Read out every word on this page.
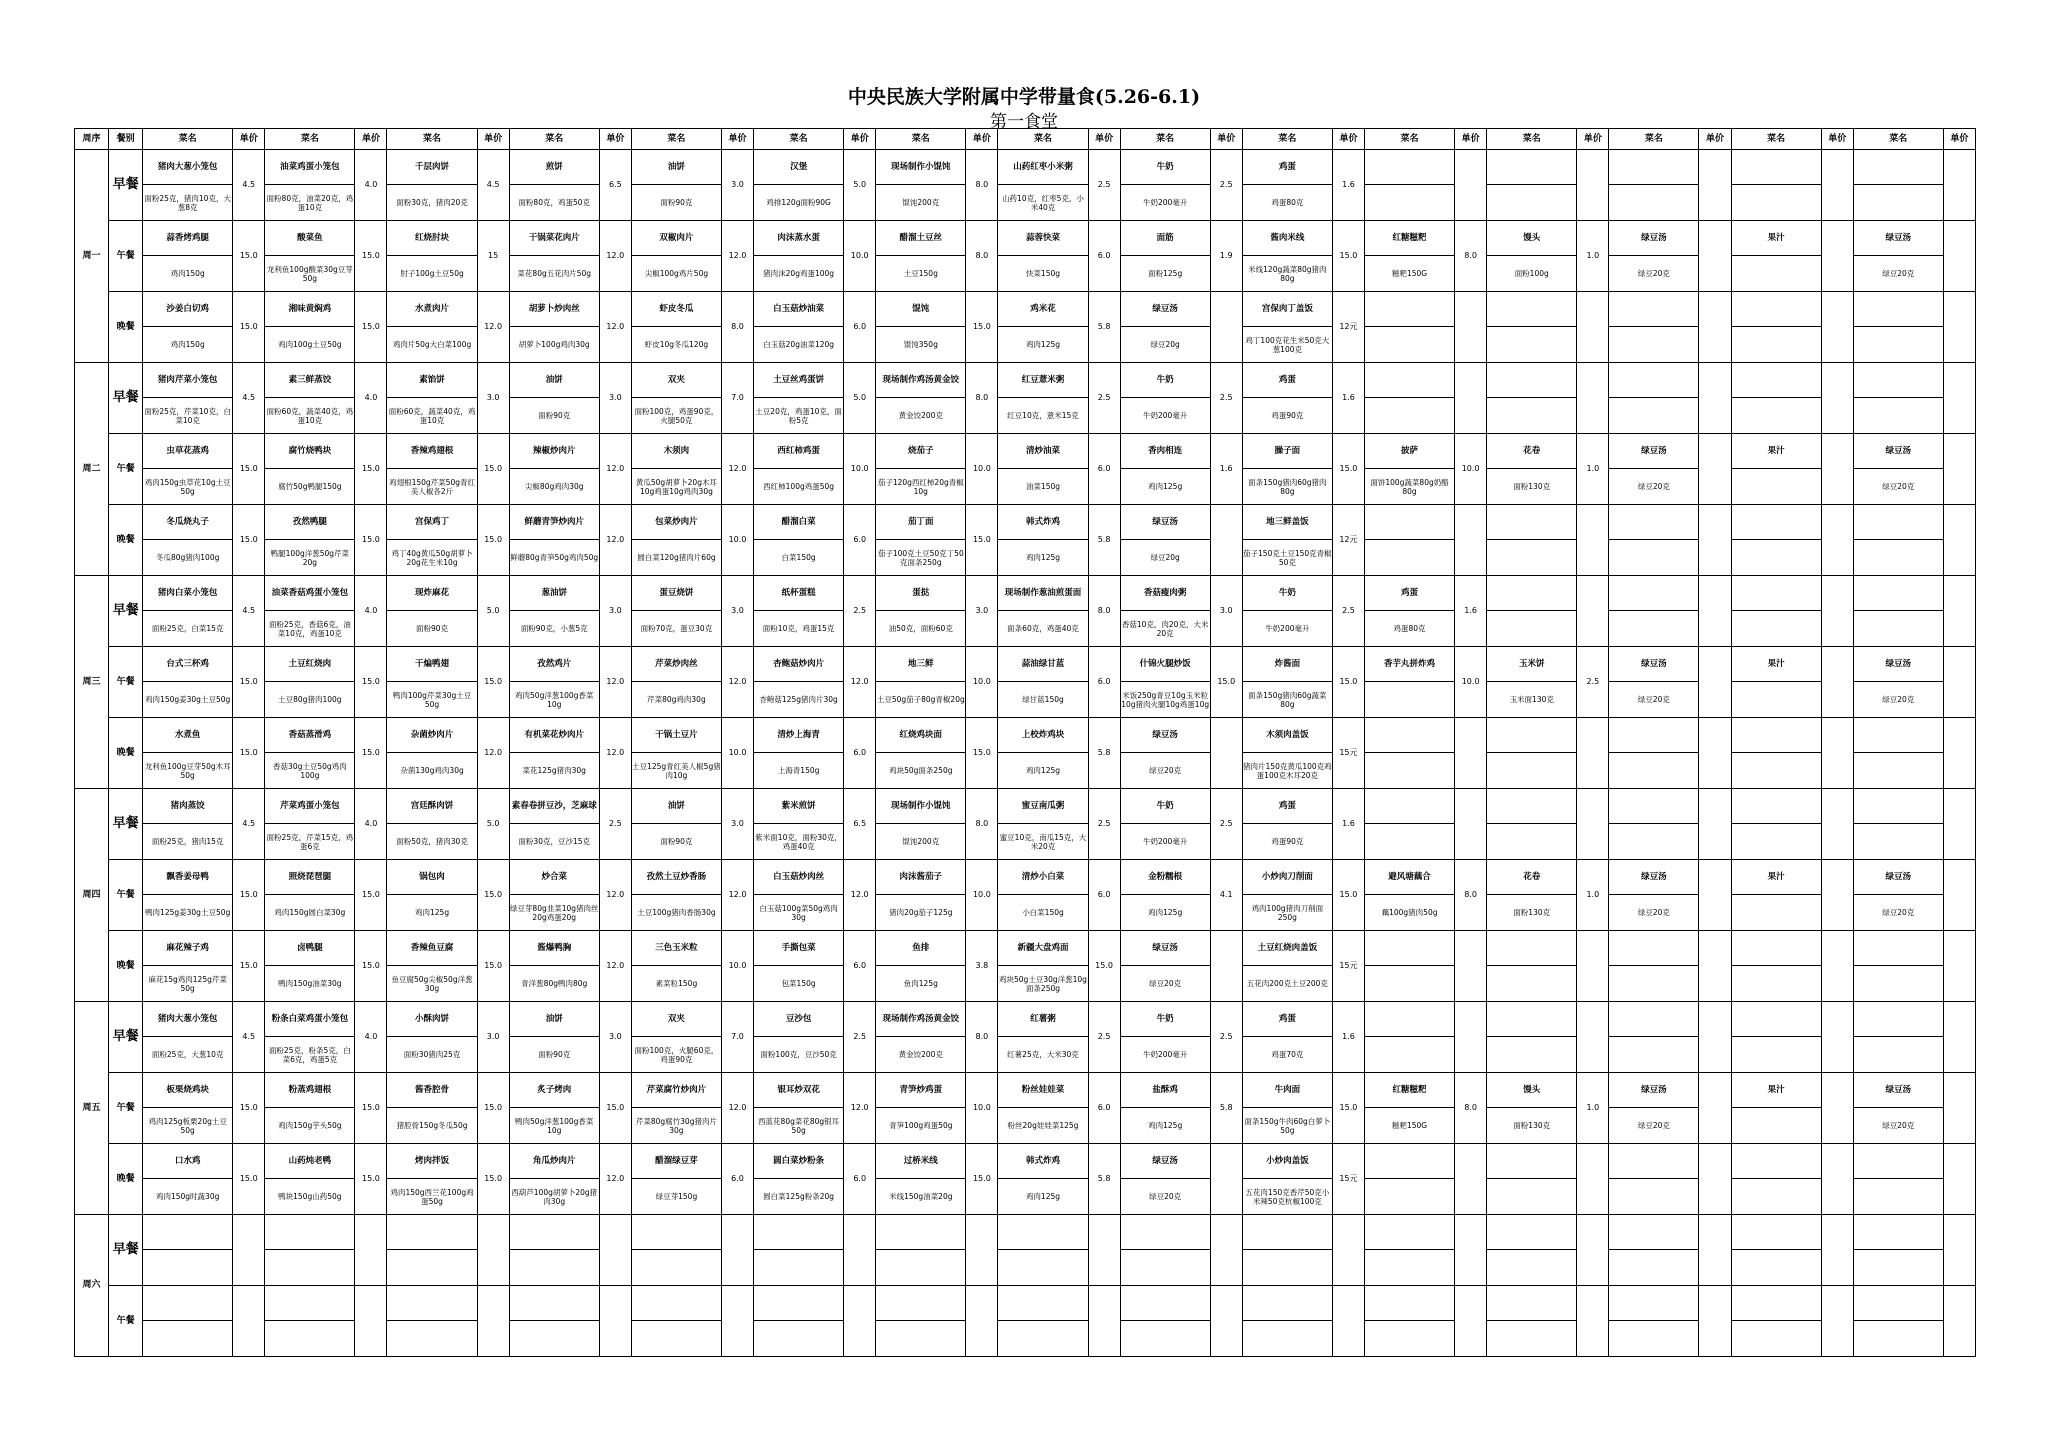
中央民族大学附属中学带量食(5.26-6.1)
第一食堂
周序	餐别	菜名	单价	菜名	单价	菜名	单价	菜名	单价	菜名	单价	菜名	单价	菜名	单价	菜名	单价	菜名	单价	菜名	单价	菜名	单价	菜名	单价	菜名	单价	菜名	单价	菜名	单价
周一	早餐	猪肉大葱小笼包	4.5	油菜鸡蛋小笼包	4.0	千层肉饼	4.5	煎饼	6.5	油饼	3.0	汉堡	5.0	现场制作小馄饨	8.0	山药红枣小米粥	2.5	牛奶	2.5	鸡蛋	1.6										
		面粉25克，猪肉10克，大葱8克		面粉80克，油菜20克，鸡蛋10克		面粉30克，猪肉20克		面粉80克，鸡蛋50克		面粉90克		鸡排120g面粉90G		馄饨200克		山药10克，红枣5克，小米40克		牛奶200毫升		鸡蛋80克											
	午餐	蒜香烤鸡腿	15.0	酸菜鱼	15.0	红烧肘块	15	干锅菜花肉片	12.0	双椒肉片	12.0	肉沫蒸水蛋	10.0	醋溜土豆丝	8.0	蒜蓉快菜	6.0	面筋	1.9	酱肉米线	15.0	红糖糍粑	8.0	馒头	1.0	绿豆汤		果汁		绿豆汤	
		鸡肉150g		龙利鱼100g酸菜30g豆芽50g		肘子100g土豆50g		菜花80g五花肉片50g		尖椒100g鸡片50g		猪肉沫20g鸡蛋100g		土豆150g		快菜150g		面粉125g		米线120g蔬菜80g猪肉80g		糍粑150G		面粉100g		绿豆20克				绿豆20克	
	晚餐	沙姜白切鸡	15.0	湘味黄焖鸡	15.0	水煮肉片	12.0	胡萝卜炒肉丝	12.0	虾皮冬瓜	8.0	白玉菇炒油菜	6.0	馄饨	15.0	鸡米花	5.8	绿豆汤		宫保肉丁盖饭	12元										
		鸡肉150g		鸡肉100g土豆50g		鸡肉片50g大白菜100g		胡萝卜100g鸡肉30g		虾皮10g冬瓜120g		白玉菇20g油菜120g		馄饨350g		鸡肉125g		绿豆20g		鸡丁100克花生米50克大葱100克											
周二	早餐	猪肉芹菜小笼包	4.5	素三鲜蒸饺	4.0	素馅饼	3.0	油饼	3.0	双夹	7.0	土豆丝鸡蛋饼	5.0	现场制作鸡汤黄金饺	8.0	红豆薏米粥	2.5	牛奶	2.5	鸡蛋	1.6										
		面粉25克，芹菜10克，白菜10克		面粉60克，蔬菜40克，鸡蛋10克		面粉60克，蔬菜40克，鸡蛋10克		面粉90克		面粉100克，鸡蛋90克，火腿50克		土豆20克，鸡蛋10克，面粉5克		黄金饺200克		红豆10克，薏米15克		牛奶200毫升		鸡蛋90克											
	午餐	虫草花蒸鸡	15.0	腐竹烧鸭块	15.0	香辣鸡翅根	15.0	辣椒炒肉片	12.0	木须肉	12.0	西红柿鸡蛋	10.0	烧茄子	10.0	清炒油菜	6.0	香肉相连	1.6	臊子面	15.0	披萨	10.0	花卷	1.0	绿豆汤		果汁		绿豆汤	
		鸡肉150g虫草花10g土豆50g		腐竹50g鸭腿150g		鸡翅根150g芹菜50g青红美人椒各2斤		尖椒80g鸡肉30g		黄瓜50g胡萝卜20g木耳10g鸡蛋10g鸡肉30g		西红柿100g鸡蛋50g		茄子120g西红柿20g青椒10g		油菜150g		鸡肉125g		面条150g猪肉60g猪肉80g		面饼100g蔬菜80g奶酪80g		面粉130克		绿豆20克				绿豆20克	
	晚餐	冬瓜烧丸子	15.0	孜然鸭腿	15.0	宫保鸡丁	15.0	鲜蘑青笋炒肉片	12.0	包菜炒肉片	10.0	醋溜白菜	6.0	茄丁面	15.0	韩式炸鸡	5.8	绿豆汤		地三鲜盖饭	12元										
		冬瓜80g猪肉100g		鸭腿100g洋葱50g芹菜20g		鸡丁40g黄瓜50g胡萝卜20g花生米10g		鲜蘑80g青笋50g鸡肉50g		圆白菜120g猪肉片60g		白菜150g		茄子100克土豆50克丁50克面条250g		鸡肉125g		绿豆20g		茄子150克土豆150克青椒50克											
周三	早餐	猪肉白菜小笼包	4.5	油菜香菇鸡蛋小笼包	4.0	现炸麻花	5.0	葱油饼	3.0	蛋豆烧饼	3.0	纸杯蛋糕	2.5	蛋挞	3.0	现场制作葱油煎蛋面	8.0	香菇瘦肉粥	3.0	牛奶	2.5	鸡蛋	1.6								
		面粉25克，白菜15克		面粉25克，香菇6克，油菜10克，鸡蛋10克		面粉90克		面粉90克，小葱5克		面粉70克，蛋豆30克		面粉10克，鸡蛋15克		油50克，面粉60克		面条60克，鸡蛋40克		香菇10克，肉20克，大米20克		牛奶200毫升		鸡蛋80克									
	午餐	台式三杯鸡	15.0	土豆红烧肉	15.0	干煸鸭翅	15.0	孜然鸡片	12.0	芹菜炒肉丝	12.0	杏鲍菇炒肉片	12.0	地三鲜	10.0	蒜油绿甘蓝	6.0	什锦火腿炒饭	15.0	炸酱面	15.0	香芋丸拼炸鸡	10.0	玉米饼	2.5	绿豆汤		果汁		绿豆汤	
		鸡肉150g姜30g土豆50g		土豆80g猪肉100g		鸭肉100g芹菜30g土豆50g		鸡肉50g洋葱100g香菜10g		芹菜80g鸡肉30g		杏鲍菇125g猪肉片30g		土豆50g茄子80g青椒20g		绿甘蓝150g		米饭250g青豆10g玉米粒10g猪肉火腿10g鸡蛋10g		面条150g猪肉60g蔬菜80g				玉米面130克		绿豆20克				绿豆20克	
	晚餐	水煮鱼	15.0	香菇蒸滑鸡	15.0	杂菌炒肉片	12.0	有机菜花炒肉片	12.0	干锅土豆片	10.0	清炒上海青	6.0	红烧鸡块面	15.0	上校炸鸡块	5.8	绿豆汤		木须肉盖饭	15元										
		龙利鱼100g豆芽50g木耳50g		香菇30g土豆50g鸡肉100g		杂菌130g鸡肉30g		菜花125g猪肉30g		土豆125g青红美人椒5g猪肉10g		上海青150g		鸡块50g面条250g		鸡肉125g		绿豆20克		猪肉片150克黄瓜100克鸡蛋100克木耳20克											
周四	早餐	猪肉蒸饺	4.5	芹菜鸡蛋小笼包	4.0	宫廷酥肉饼	5.0	素春卷拼豆沙，芝麻球	2.5	油饼	3.0	紫米煎饼	6.5	现场制作小馄饨	8.0	蜜豆南瓜粥	2.5	牛奶	2.5	鸡蛋	1.6										
		面粉25克，猪肉15克		面粉25克，芹菜15克，鸡蛋6克		面粉50克，猪肉30克		面粉30克，豆沙15克		面粉90克		紫米面10克，面粉30克，鸡蛋40克		馄饨200克		蜜豆10克，南瓜15克，大米20克		牛奶200毫升		鸡蛋90克											
	午餐	飘香姜母鸭	15.0	照烧琵琶腿	15.0	锅包肉	15.0	炒合菜	12.0	孜然土豆炒香肠	12.0	白玉菇炒肉丝	12.0	肉沫酱茄子	10.0	清炒小白菜	6.0	金粉糯根	4.1	小炒肉刀削面	15.0	避风塘藕合	8.0	花卷	1.0	绿豆汤		果汁		绿豆汤	
		鸭肉125g姜30g土豆50g		鸡肉150g圆白菜30g		鸡肉125g		绿豆芽80g韭菜10g猪肉丝20g鸡蛋20g		土豆100g猪肉香肠30g		白玉菇100g菜50g鸡肉30g		猪肉20g茄子125g		小白菜150g		鸡肉125g		鸡肉100g猪肉刀削面250g		藕100g猪肉50g		面粉130克		绿豆20克				绿豆20克	
	晚餐	麻花辣子鸡	15.0	卤鸭腿	15.0	香辣鱼豆腐	15.0	酱爆鸭胸	12.0	三色玉米粒	10.0	手撕包菜	6.0	鱼排	3.8	新疆大盘鸡面	15.0	绿豆汤		土豆红烧肉盖饭	15元										
		麻花15g鸡肉125g芹菜50g		鸭肉150g油菜30g		鱼豆腐50g尖椒50g洋葱30g		青洋葱80g鸭肉80g		素菜粒150g		包菜150g		鱼肉125g		鸡块50g土豆30g洋葱10g面条250g		绿豆20克		五花肉200克土豆200克											
周五	早餐	猪肉大葱小笼包	4.5	粉条白菜鸡蛋小笼包	4.0	小酥肉饼	3.0	油饼	3.0	双夹	7.0	豆沙包	2.5	现场制作鸡汤黄金饺	8.0	红薯粥	2.5	牛奶	2.5	鸡蛋	1.6										
		面粉25克，大葱10克		面粉25克，粉条5克，白菜6克，鸡蛋5克		面粉30猪肉25克		面粉90克		面粉100克，火腿60克，鸡蛋90克		面粉100克，豆沙50克		黄金饺200克		红薯25克，大米30克		牛奶200毫升		鸡蛋70克											
	午餐	板栗烧鸡块	15.0	粉蒸鸡翅根	15.0	酱香腔骨	15.0	炙子烤肉	15.0	芹菜腐竹炒肉片	12.0	银耳炒双花	12.0	青笋炒鸡蛋	10.0	粉丝娃娃菜	6.0	盐酥鸡	5.8	牛肉面	15.0	红糖糍粑	8.0	馒头	1.0	绿豆汤		果汁		绿豆汤	
		鸡肉125g板栗20g土豆50g		鸡肉150g芋头50g		猪腔骨150g冬瓜50g		鸭肉50g洋葱100g香菜10g		芹菜80g腐竹30g猪肉片30g		西蓝花80g菜花80g银耳50g		青笋100g鸡蛋50g		粉丝20g娃娃菜125g		鸡肉125g		面条150g牛肉60g白萝卜50g		糍粑150G		面粉130克		绿豆20克				绿豆20克	
	晚餐	口水鸡	15.0	山药炖老鸭	15.0	烤肉拌饭	15.0	角瓜炒肉片	12.0	醋溜绿豆芽	6.0	圆白菜炒粉条	6.0	过桥米线	15.0	韩式炸鸡	5.8	绿豆汤		小炒肉盖饭	15元										
		鸡肉150g时蔬30g		鸭块150g山药50g		鸡肉150g西兰花100g鸡蛋50g		西葫芦100g胡萝卜20g猪肉30g		绿豆芽150g		圆白菜125g粉条20g		米线150g油菜20g		鸡肉125g		绿豆20克		五花肉150克香芹50克小米辣50克杭椒100克											
周六	早餐																														

	午餐																														
